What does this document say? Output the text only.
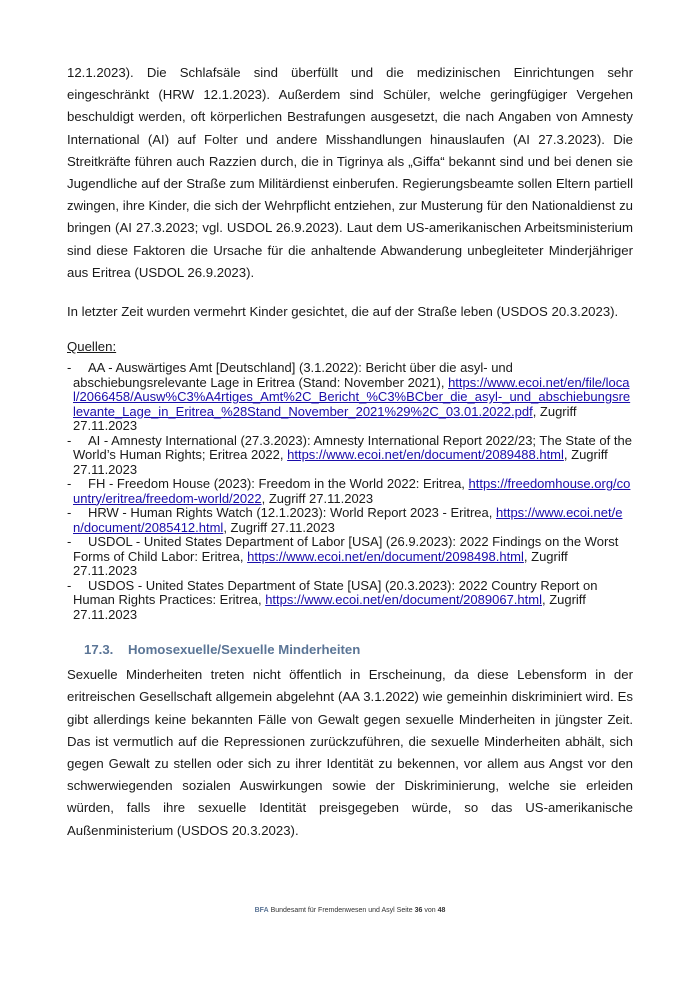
12.1.2023). Die Schlafsäle sind überfüllt und die medizinischen Einrichtungen sehr eingeschränkt (HRW 12.1.2023). Außerdem sind Schüler, welche geringfügiger Vergehen beschuldigt werden, oft körperlichen Bestrafungen ausgesetzt, die nach Angaben von Amnesty International (AI) auf Folter und andere Misshandlungen hinauslaufen (AI 27.3.2023). Die Streitkräfte führen auch Razzien durch, die in Tigrinya als „Giffa“ bekannt sind und bei denen sie Jugendliche auf der Straße zum Militärdienst einberufen. Regierungsbeamte sollen Eltern partiell zwingen, ihre Kinder, die sich der Wehrpflicht entziehen, zur Musterung für den Nationaldienst zu bringen (AI 27.3.2023; vgl. USDOL 26.9.2023). Laut dem US-amerikanischen Arbeitsministerium sind diese Faktoren die Ursache für die anhaltende Abwanderung unbegleiteter Minderjähriger aus Eritrea (USDOL 26.9.2023).

In letzter Zeit wurden vermehrt Kinder gesichtet, die auf der Straße leben (USDOS 20.3.2023).

Quellen:
- AA - Auswärtiges Amt [Deutschland] (3.1.2022): Bericht über die asyl- und abschiebungsrelevante Lage in Eritrea (Stand: November 2021), https://www.ecoi.net/en/file/local/2066458/Ausw%C3%A4rtiges_Amt%2C_Bericht_%C3%BCber_die_asyl-_und_abschiebungsrelevante_Lage_in_Eritrea_%28Stand_November_2021%29%2C_03.01.2022.pdf, Zugriff 27.11.2023
- AI - Amnesty International (27.3.2023): Amnesty International Report 2022/23; The State of the World’s Human Rights; Eritrea 2022, https://www.ecoi.net/en/document/2089488.html, Zugriff 27.11.2023
- FH - Freedom House (2023): Freedom in the World 2022: Eritrea, https://freedomhouse.org/country/eritrea/freedom-world/2022, Zugriff 27.11.2023
- HRW - Human Rights Watch (12.1.2023): World Report 2023 - Eritrea, https://www.ecoi.net/en/document/2085412.html, Zugriff 27.11.2023
- USDOL - United States Department of Labor [USA] (26.9.2023): 2022 Findings on the Worst Forms of Child Labor: Eritrea, https://www.ecoi.net/en/document/2098498.html, Zugriff 27.11.2023
- USDOS - United States Department of State [USA] (20.3.2023): 2022 Country Report on Human Rights Practices: Eritrea, https://www.ecoi.net/en/document/2089067.html, Zugriff 27.11.2023
17.3. Homosexuelle/Sexuelle Minderheiten

Sexuelle Minderheiten treten nicht öffentlich in Erscheinung, da diese Lebensform in der eritreischen Gesellschaft allgemein abgelehnt (AA 3.1.2022) wie gemeinhin diskriminiert wird. Es gibt allerdings keine bekannten Fälle von Gewalt gegen sexuelle Minderheiten in jüngster Zeit. Das ist vermutlich auf die Repressionen zurückzuführen, die sexuelle Minderheiten abhält, sich gegen Gewalt zu stellen oder sich zu ihrer Identität zu bekennen, vor allem aus Angst vor den schwerwiegenden sozialen Auswirkungen sowie der Diskriminierung, welche sie erleiden würden, falls ihre sexuelle Identität preisgegeben würde, so das US-amerikanische Außenministerium (USDOS 20.3.2023).

BFA Bundesamt für Fremdenwesen und Asyl Seite 36 von 48
